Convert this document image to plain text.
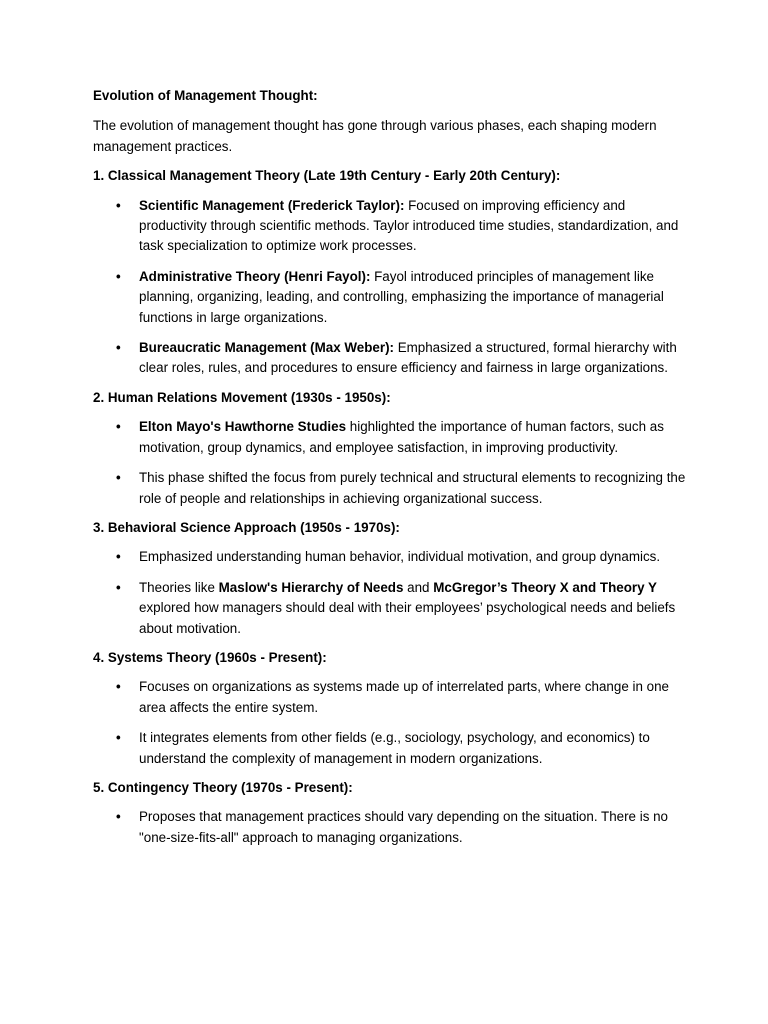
Evolution of Management Thought:

The evolution of management thought has gone through various phases, each shaping modern management practices.

1. Classical Management Theory (Late 19th Century - Early 20th Century):

• Scientific Management (Frederick Taylor): Focused on improving efficiency and productivity through scientific methods. Taylor introduced time studies, standardization, and task specialization to optimize work processes.
• Administrative Theory (Henri Fayol): Fayol introduced principles of management like planning, organizing, leading, and controlling, emphasizing the importance of managerial functions in large organizations.
• Bureaucratic Management (Max Weber): Emphasized a structured, formal hierarchy with clear roles, rules, and procedures to ensure efficiency and fairness in large organizations.

2. Human Relations Movement (1930s - 1950s):

• Elton Mayo's Hawthorne Studies highlighted the importance of human factors, such as motivation, group dynamics, and employee satisfaction, in improving productivity.
• This phase shifted the focus from purely technical and structural elements to recognizing the role of people and relationships in achieving organizational success.

3. Behavioral Science Approach (1950s - 1970s):

• Emphasized understanding human behavior, individual motivation, and group dynamics.
• Theories like Maslow's Hierarchy of Needs and McGregor’s Theory X and Theory Y explored how managers should deal with their employees’ psychological needs and beliefs about motivation.

4. Systems Theory (1960s - Present):

• Focuses on organizations as systems made up of interrelated parts, where change in one area affects the entire system.
• It integrates elements from other fields (e.g., sociology, psychology, and economics) to understand the complexity of management in modern organizations.

5. Contingency Theory (1970s - Present):

• Proposes that management practices should vary depending on the situation. There is no "one-size-fits-all" approach to managing organizations.
